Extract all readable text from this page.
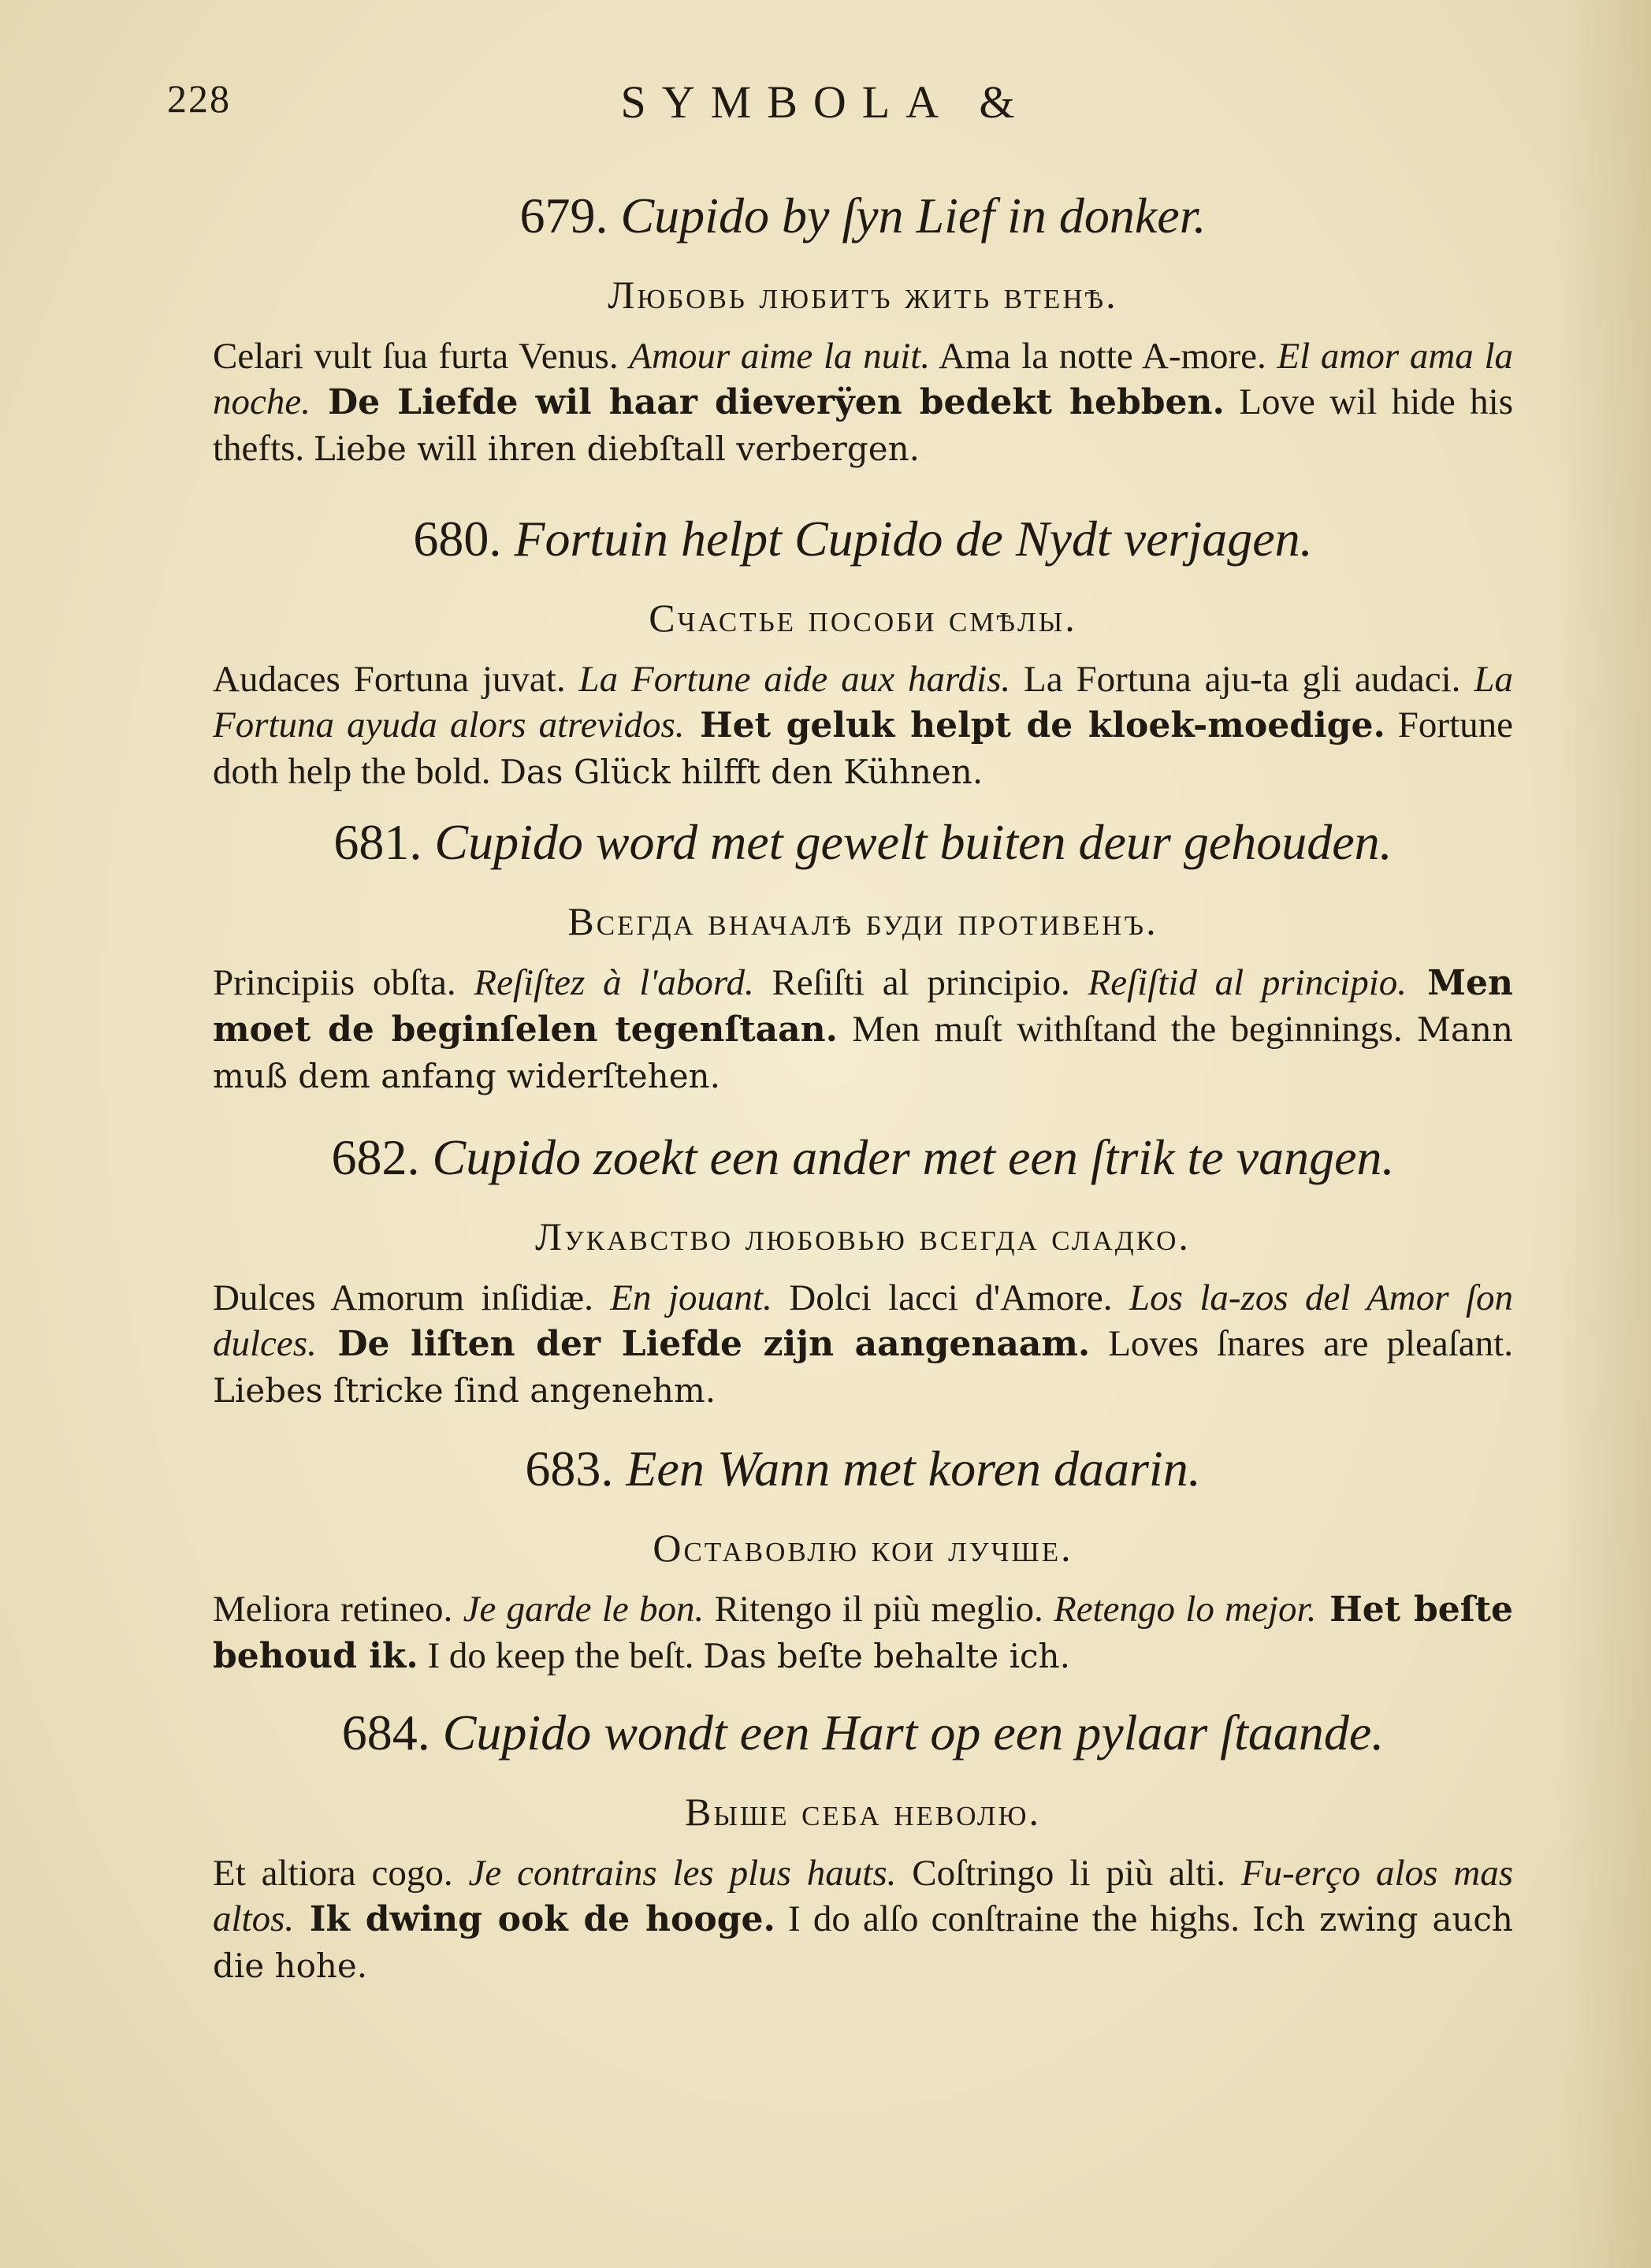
SYMBOLA &
228
679. Cupido by ſyn Lief in donker.
Любовь любитъ жить втенѣ.
Celari vult ſua furta Venus. Amour aime la nuit. Ama la notte A-more. El amor ama la noche. De Liefde wil haar dieverÿen bedekt hebben. Love wil hide his thefts. Liebe will ihren diebſtall verbergen.
680. Fortuin helpt Cupido de Nydt verjagen.
Счастье пособи смѣлы.
Audaces Fortuna juvat. La Fortune aide aux hardis. La Fortuna aju-ta gli audaci. La Fortuna ayuda alors atrevidos. Het geluk helpt de kloek-moedige. Fortune doth help the bold. Das Glück hilfft den Kühnen.
681. Cupido word met gewelt buiten deur gehouden.
Всегда вначалѣ буди противенъ.
Principiis obſta. Reſiſtez à l'abord. Reſiſti al principio. Reſiſtid al principio. Men moet de beginſelen tegenſtaan. Men muſt withſtand the beginnings. Mann muß dem anfang widerſtehen.
682. Cupido zoekt een ander met een ſtrik te vangen.
Лукавство любовью всегда сладко.
Dulces Amorum inſidiæ. En jouant. Dolci lacci d'Amore. Los la-zos del Amor ſon dulces. De liſten der Liefde zijn aangenaam. Loves ſnares are pleaſant. Liebes ſtricke ſind angenehm.
683. Een Wann met koren daarin.
Оставовлю кои лучше.
Meliora retineo. Je garde le bon. Ritengo il più meglio. Retengo lo mejor. Het beſte behoud ik. I do keep the beſt. Das beſte behalte ich.
684. Cupido wondt een Hart op een pylaar ſtaande.
Выше себа неволю.
Et altiora cogo. Je contrains les plus hauts. Coſtringo li più alti. Fu-erço alos mas altos. Ik dwing ook de hooge. I do alſo conſtraine the highs. Ich zwing auch die hohe.
